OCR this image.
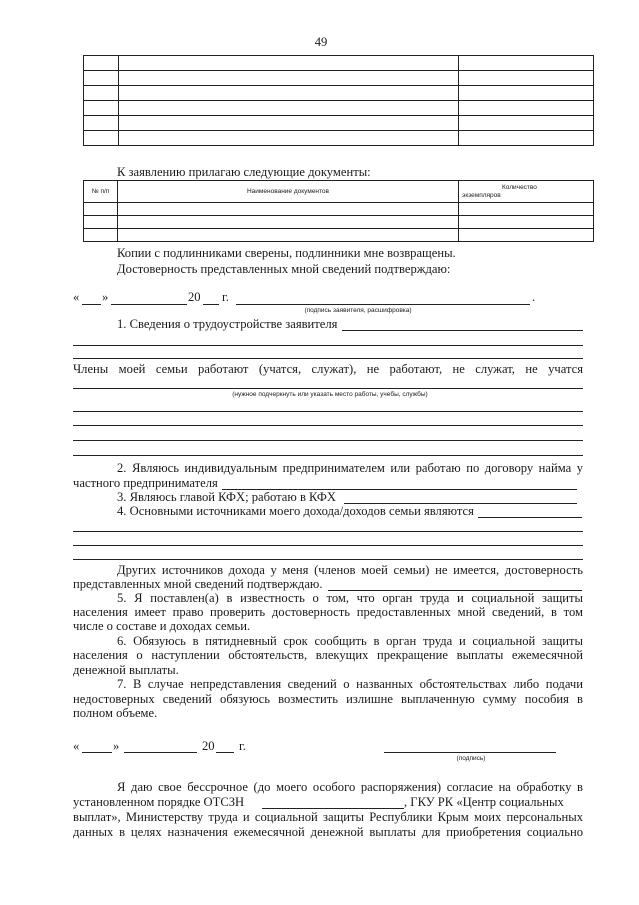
49

К заявлению прилагаю следующие документы:
№ п/п	Наименование документов	Количество
экземпляров

Копии с подлинниками сверены, подлинники мне возвращены.
Достоверность представленных мной сведений подтверждаю:
« »	20 г.	.
(подпись заявителя, расшифровка)
1. Сведения о трудоустройстве заявителя
Члены моей семьи работают (учатся, служат), не работают, не служат, не учатся
(нужное подчеркнуть или указать место работы, учебы, службы)
2. Являюсь индивидуальным предпринимателем или работаю по договору найма у
частного предпринимателя
3. Являюсь главой КФХ; работаю в КФХ
4. Основными источниками моего дохода/доходов семьи являются
Других источников дохода у меня (членов моей семьи) не имеется, достоверность
представленных мной сведений подтверждаю.
5. Я поставлен(а) в известность о том, что орган труда и социальной защиты
населения имеет право проверить достоверность предоставленных мной сведений, в том
числе о составе и доходах семьи.
6. Обязуюсь в пятидневный срок сообщить в орган труда и социальной защиты
населения о наступлении обстоятельств, влекущих прекращение выплаты ежемесячной
денежной выплаты.
7. В случае непредставления сведений о названных обстоятельствах либо подачи
недостоверных сведений обязуюсь возместить излишне выплаченную сумму пособия в
полном объеме.
«	»	20 г.
(подпись)
Я даю свое бессрочное (до моего особого распоряжения) согласие на обработку в
установленном порядке ОТСЗН	, ГКУ РК «Центр социальных
выплат», Министерству труда и социальной защиты Республики Крым моих персональных
данных в целях назначения ежемесячной денежной выплаты для приобретения социально
